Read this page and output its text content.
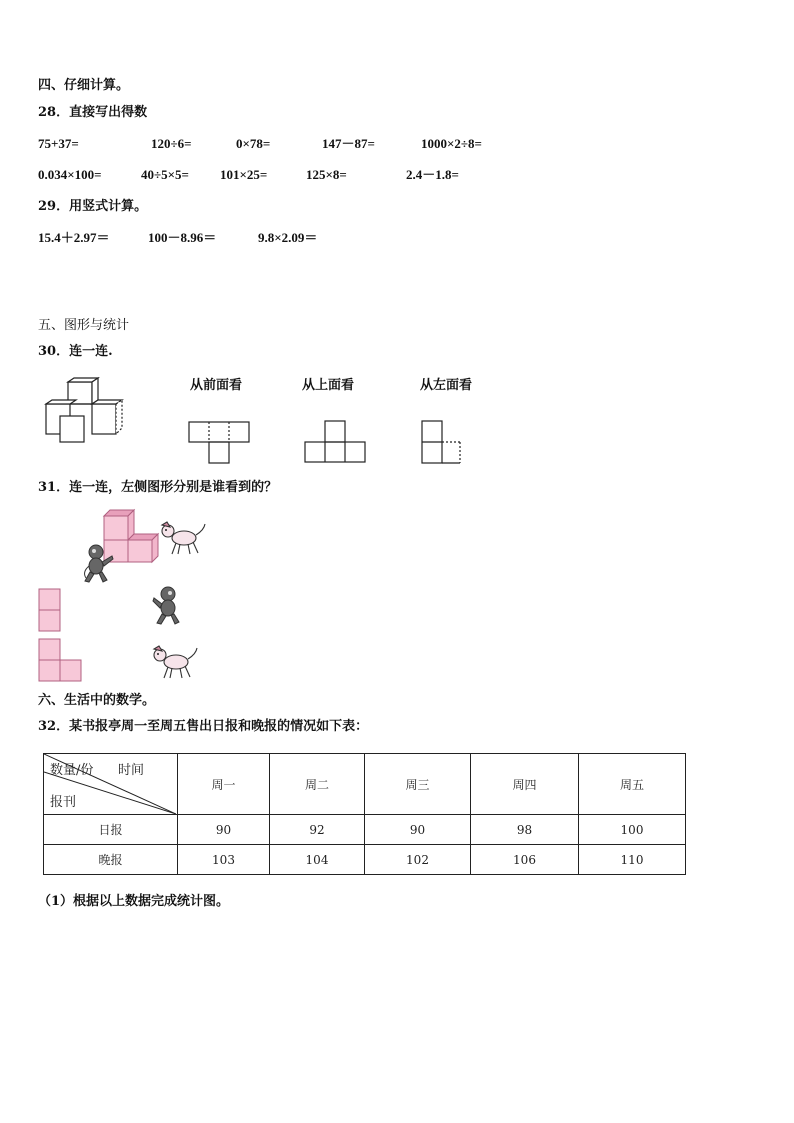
四、仔细计算。
28．直接写出得数
75+37=	120÷6=	0×78=	147－87=	1000×2÷8=
0.034×100=	40÷5×5= 101×25=	125×8=	2.4－1.8=
29．用竖式计算。
15.4＋2.97＝	100－8.96＝	9.8×2.09＝
五、图形与统计
30．连一连.
从前面看	从上面看	从左面看
31．连一连，左侧图形分别是谁看到的？
六、生活中的数学。
32．某书报亭周一至周五售出日报和晚报的情况如下表：
数量/份 时间
报刊	周一	周二	周三	周四	周五
日报	90	92	90	98	100
晚报	103	104	102	106	110
（1）根据以上数据完成统计图。
